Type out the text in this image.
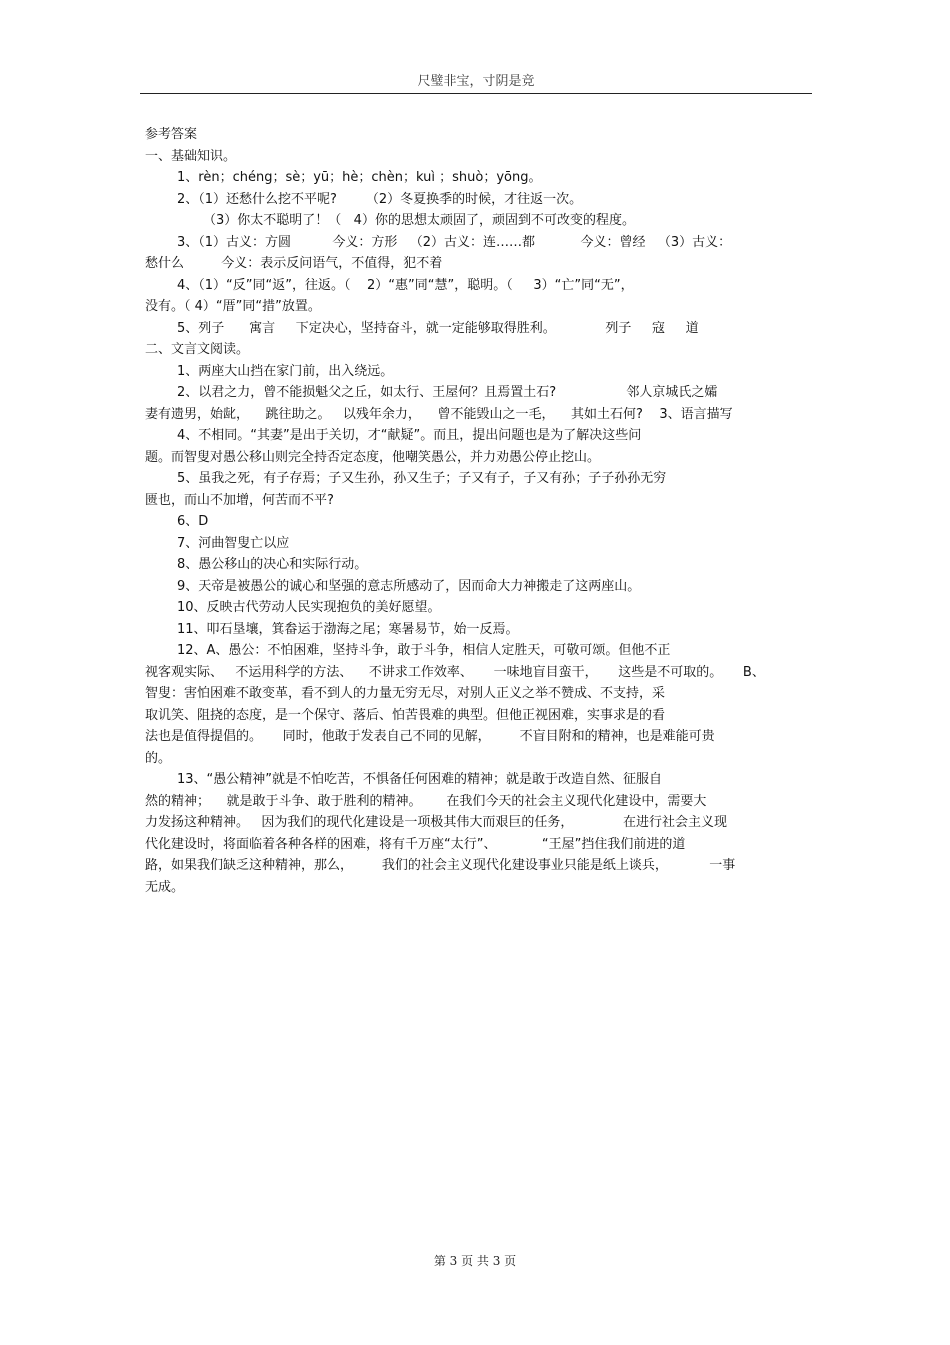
尺璧非宝，寸阴是竞
参考答案
一、基础知识。
1、rèn；chéng；sè；yū；hè；chèn；kuì ；shuò；yōng。
2、（1）还愁什么挖不平呢?       （2）冬夏换季的时候，才往返一次。
（3）你太不聪明了！（   4）你的思想太顽固了，顽固到不可改变的程度。
3、（1）古义：方圆          今义：方形   （2）古义：连……都           今义：曾经   （3）古义：
愁什么         今义：表示反问语气，不值得，犯不着
4、（1）“反”同“返”，往返。（    2）“惠”同“慧”，聪明。（     3）“亡”同“无”，
没有。（ 4）“厝”同“措”放置。
5、列子      寓言     下定决心，坚持奋斗，就一定能够取得胜利。            列子     寇     道
二、文言文阅读。
1、两座大山挡在家门前，出入绕远。
2、以君之力，曾不能损魁父之丘，如太行、王屋何？且焉置土石?                 邻人京城氏之孀
妻有遗男，始龀，    跳往助之。   以残年余力，    曾不能毁山之一毛，    其如土石何?    3、语言描写
4、不相同。“其妻”是出于关切，才“献疑”。而且，提出问题也是为了解决这些问
题。而智叟对愚公移山则完全持否定态度，他嘲笑愚公，并力劝愚公停止挖山。
5、虽我之死，有子存焉；子又生孙，孙又生子；子又有子，子又有孙；子子孙孙无穷
匮也，而山不加增，何苦而不平?
6、D
7、河曲智叟亡以应
8、愚公移山的决心和实际行动。
9、天帝是被愚公的诚心和坚强的意志所感动了，因而命大力神搬走了这两座山。
10、反映古代劳动人民实现抱负的美好愿望。
11、叩石垦壤，箕畚运于渤海之尾；寒暑易节，始一反焉。
12、A、愚公：不怕困难，坚持斗争，敢于斗争，相信人定胜天，可敬可颂。但他不正
视客观实际、   不运用科学的方法、    不讲求工作效率、     一味地盲目蛮干，     这些是不可取的。     B、
智叟：害怕困难不敢变革，看不到人的力量无穷无尽，对别人正义之举不赞成、不支持，采
取讥笑、阻挠的态度，是一个保守、落后、怕苦畏难的典型。但他正视困难，实事求是的看
法也是值得提倡的。     同时，他敢于发表自己不同的见解，       不盲目附和的精神，也是难能可贵
的。
13、“愚公精神”就是不怕吃苦，不惧备任何困难的精神；就是敢于改造自然、征服自
然的精神；    就是敢于斗争、敢于胜利的精神。      在我们今天的社会主义现代化建设中，需要大
力发扬这种精神。   因为我们的现代化建设是一项极其伟大而艰巨的任务，            在进行社会主义现
代化建设时，将面临着各种各样的困难，将有千万座“太行”、           “王屋”挡住我们前进的道
路，如果我们缺乏这种精神，那么，       我们的社会主义现代化建设事业只能是纸上谈兵，          一事
无成。
第 3 页 共 3 页
